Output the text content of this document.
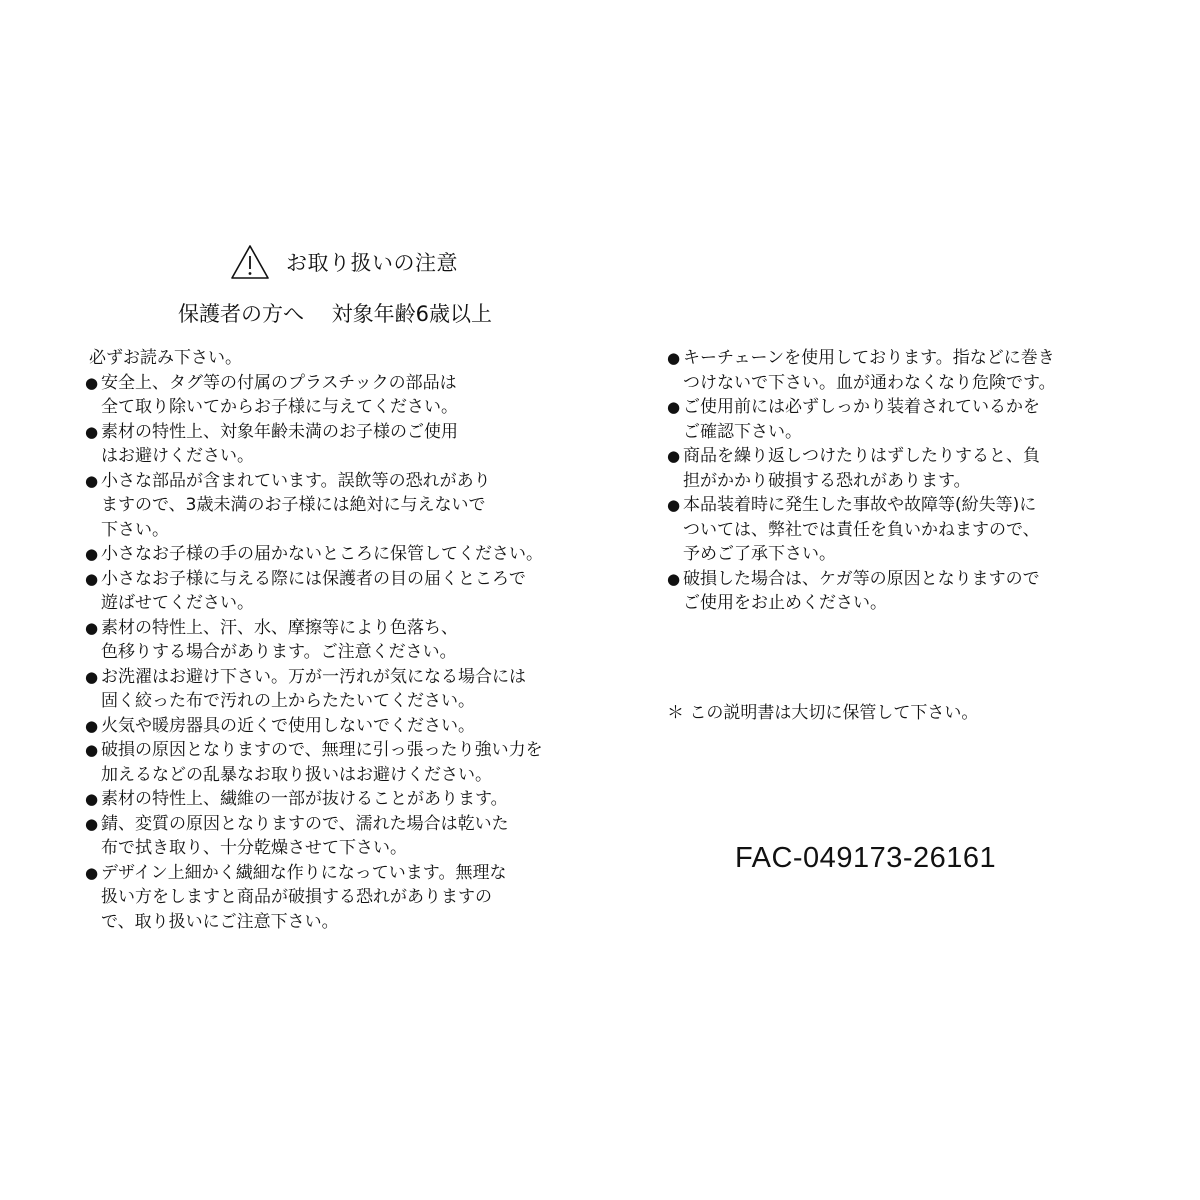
お取り扱いの注意
保護者の方へ　 対象年齢6歳以上

必ずお読み下さい。

● 安全上、タグ等の付属のプラスチックの部品は
全て取り除いてからお子様に与えてください。
● 素材の特性上、対象年齢未満のお子様のご使用
はお避けください。
● 小さな部品が含まれています。誤飲等の恐れがあり
ますので、3歳未満のお子様には絶対に与えないで
下さい。
● 小さなお子様の手の届かないところに保管してください。
● 小さなお子様に与える際には保護者の目の届くところで
遊ばせてください。
● 素材の特性上、汗、水、摩擦等により色落ち、
色移りする場合があります。ご注意ください。
● お洗濯はお避け下さい。万が一汚れが気になる場合には
固く絞った布で汚れの上からたたいてください。
● 火気や暖房器具の近くで使用しないでください。
● 破損の原因となりますので、無理に引っ張ったり強い力を
加えるなどの乱暴なお取り扱いはお避けください。
● 素材の特性上、繊維の一部が抜けることがあります。
● 錆、変質の原因となりますので、濡れた場合は乾いた
布で拭き取り、十分乾燥させて下さい。
● デザイン上細かく繊細な作りになっています。無理な
扱い方をしますと商品が破損する恐れがありますの
で、取り扱いにご注意下さい。
● キーチェーンを使用しております。指などに巻き
つけないで下さい。血が通わなくなり危険です。
● ご使用前には必ずしっかり装着されているかを
ご確認下さい。
● 商品を繰り返しつけたりはずしたりすると、負
担がかかり破損する恐れがあります。
● 本品装着時に発生した事故や故障等(紛失等)に
ついては、弊社では責任を負いかねますので、
予めご了承下さい。
● 破損した場合は、ケガ等の原因となりますので
ご使用をお止めください。
＊ この説明書は大切に保管して下さい。
FAC-049173-26161
